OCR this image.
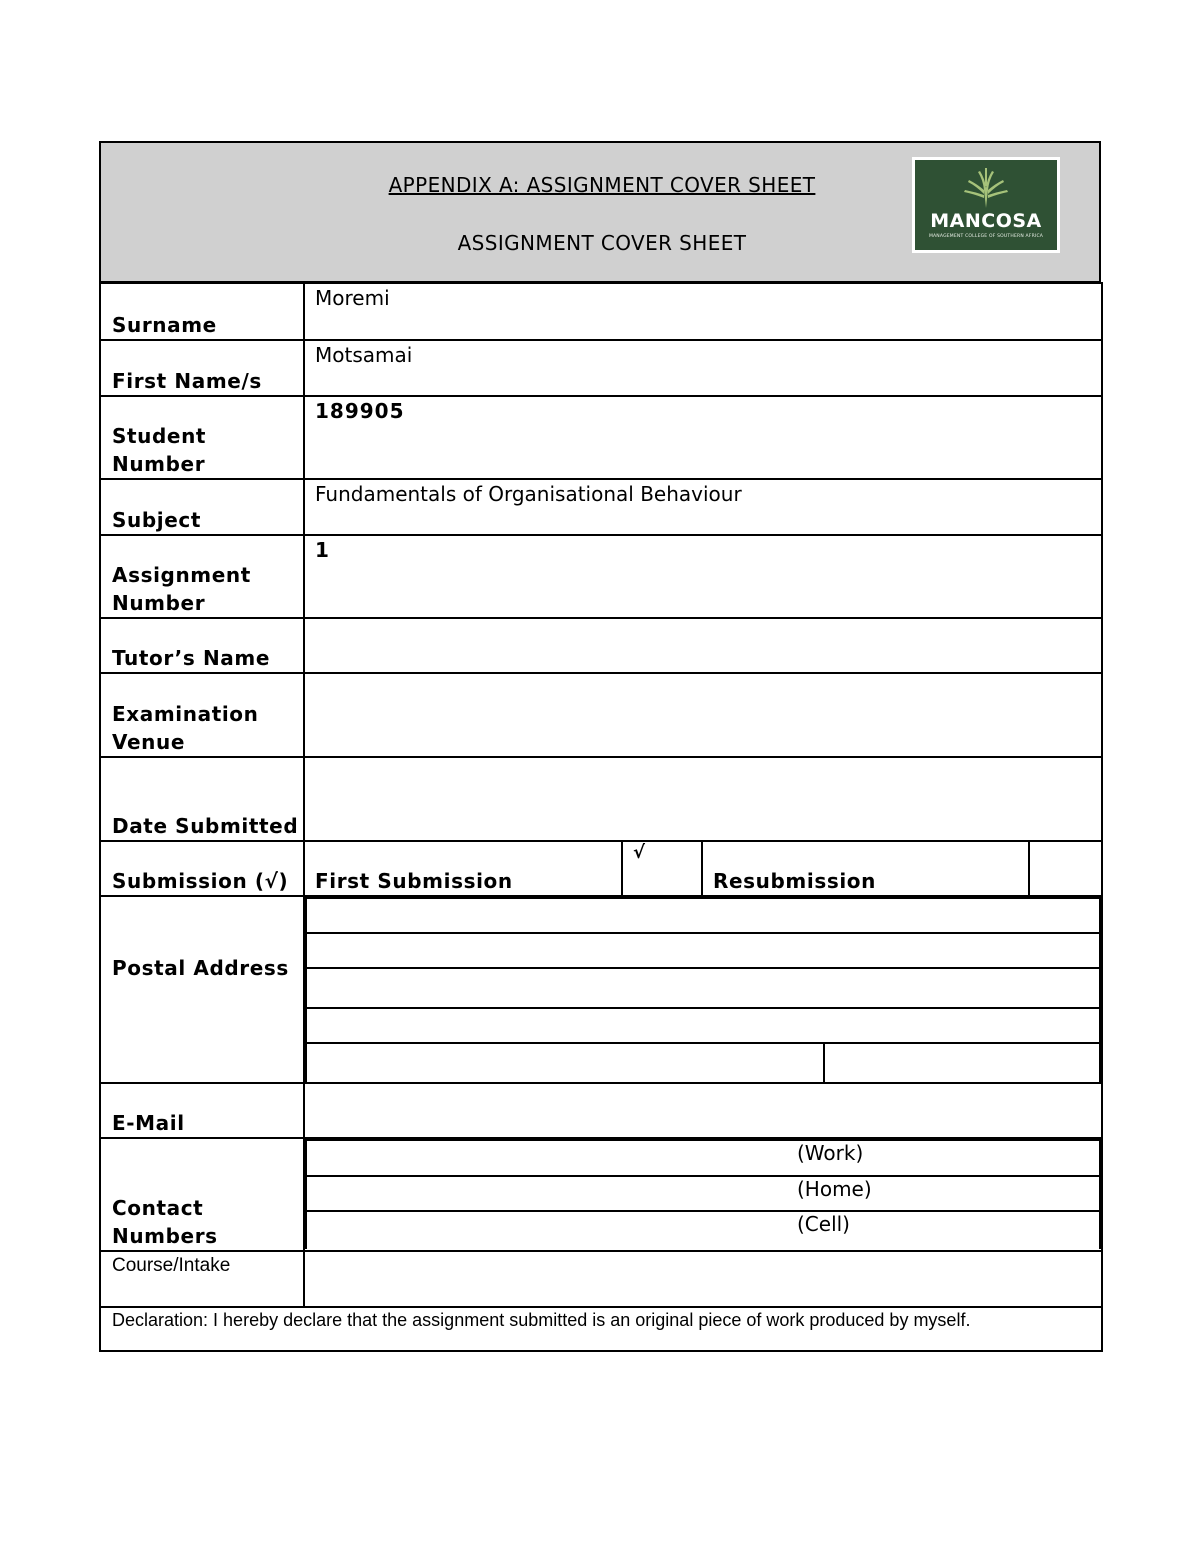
APPENDIX A: ASSIGNMENT COVER SHEET
ASSIGNMENT COVER SHEET
MANCOSA
MANAGEMENT COLLEGE OF SOUTHERN AFRICA
Surname	Moremi
First Name/s	Motsamai
Student Number	189905
Subject	Fundamentals of Organisational Behaviour
Assignment Number	1
Tutor’s Name	
Examination Venue	
Date Submitted	
Submission (√)	First Submission	√	Resubmission	

Postal Address

E-Mail	
Contact Numbers	
(Work)
(Home)
(Cell)

Course/Intake	
Declaration: I hereby declare that the assignment submitted is an original piece of work produced by myself.
